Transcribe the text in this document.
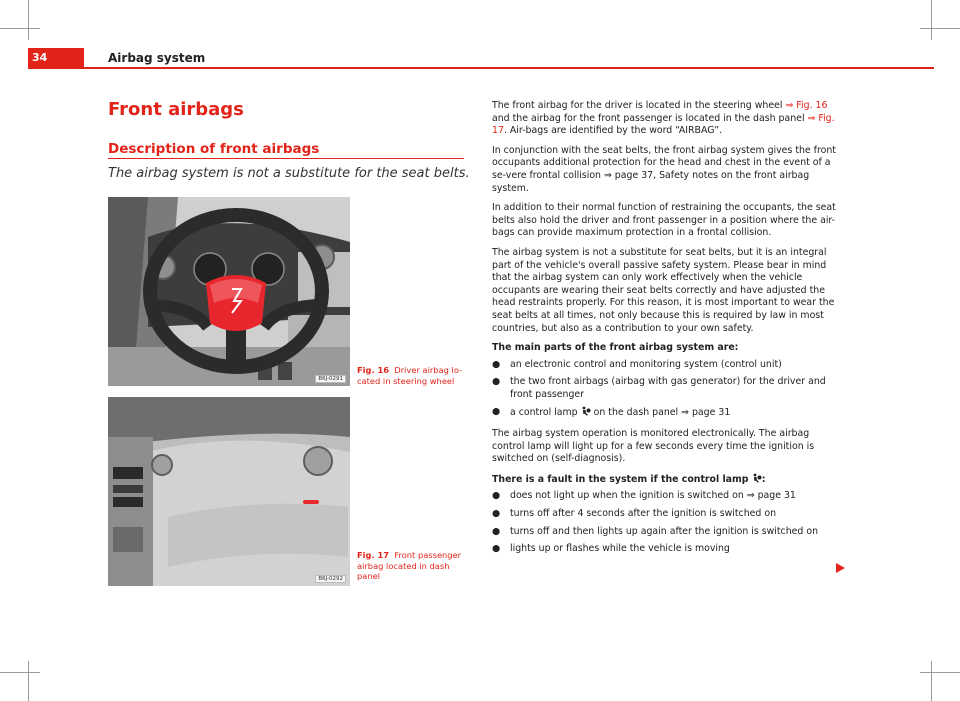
34	Airbag system
Front airbags
Description of front airbags
The airbag system is not a substitute for the seat belts.
B6J-0291
Fig. 16 Driver airbag lo-cated in steering wheel
B6J-0292
Fig. 17 Front passenger airbag located in dash panel

The front airbag for the driver is located in the steering wheel ⇒ Fig. 16 and the airbag for the front passenger is located in the dash panel ⇒ Fig. 17. Air-bags are identified by the word “AIRBAG”.

In conjunction with the seat belts, the front airbag system gives the front occupants additional protection for the head and chest in the event of a se-vere frontal collision ⇒ page 37, Safety notes on the front airbag system.

In addition to their normal function of restraining the occupants, the seat belts also hold the driver and front passenger in a position where the air-bags can provide maximum protection in a frontal collision.

The airbag system is not a substitute for seat belts, but it is an integral part of the vehicle's overall passive safety system. Please bear in mind that the airbag system can only work effectively when the vehicle occupants are wearing their seat belts correctly and have adjusted the head restraints properly. For this reason, it is most important to wear the seat belts at all times, not only because this is required by law in most countries, but also as a contribution to your own safety.

The main parts of the front airbag system are:

● an electronic control and monitoring system (control unit)
● the two front airbags (airbag with gas generator) for the driver and front passenger
● a control lamp  on the dash panel ⇒ page 31

The airbag system operation is monitored electronically. The airbag control lamp will light up for a few seconds every time the ignition is switched on (self-diagnosis).

There is a fault in the system if the control lamp :

● does not light up when the ignition is switched on ⇒ page 31
● turns off after 4 seconds after the ignition is switched on
● turns off and then lights up again after the ignition is switched on
● lights up or flashes while the vehicle is moving
